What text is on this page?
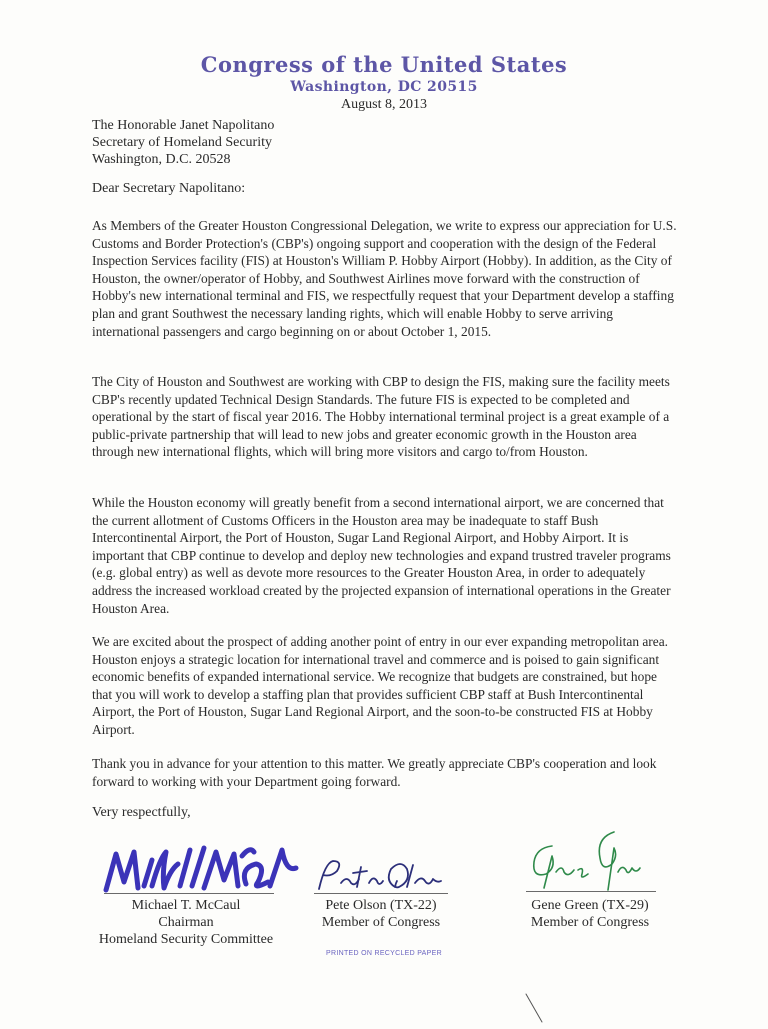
Congress of the United States
Washington, DC 20515
August 8, 2013
The Honorable Janet Napolitano
Secretary of Homeland Security
Washington, D.C. 20528
Dear Secretary Napolitano:

As Members of the Greater Houston Congressional Delegation, we write to express our appreciation for U.S. Customs and Border Protection's (CBP's) ongoing support and cooperation with the design of the Federal Inspection Services facility (FIS) at Houston's William P. Hobby Airport (Hobby). In addition, as the City of Houston, the owner/operator of Hobby, and Southwest Airlines move forward with the construction of Hobby's new international terminal and FIS, we respectfully request that your Department develop a staffing plan and grant Southwest the necessary landing rights, which will enable Hobby to serve arriving international passengers and cargo beginning on or about October 1, 2015.

The City of Houston and Southwest are working with CBP to design the FIS, making sure the facility meets CBP's recently updated Technical Design Standards. The future FIS is expected to be completed and operational by the start of fiscal year 2016. The Hobby international terminal project is a great example of a public-private partnership that will lead to new jobs and greater economic growth in the Houston area through new international flights, which will bring more visitors and cargo to/from Houston.

While the Houston economy will greatly benefit from a second international airport, we are concerned that the current allotment of Customs Officers in the Houston area may be inadequate to staff Bush Intercontinental Airport, the Port of Houston, Sugar Land Regional Airport, and Hobby Airport. It is important that CBP continue to develop and deploy new technologies and expand trustred traveler programs (e.g. global entry) as well as devote more resources to the Greater Houston Area, in order to adequately address the increased workload created by the projected expansion of international operations in the Greater Houston Area.

We are excited about the prospect of adding another point of entry in our ever expanding metropolitan area. Houston enjoys a strategic location for international travel and commerce and is poised to gain significant economic benefits of expanded international service. We recognize that budgets are constrained, but hope that you will work to develop a staffing plan that provides sufficient CBP staff at Bush Intercontinental Airport, the Port of Houston, Sugar Land Regional Airport, and the soon-to-be constructed FIS at Hobby Airport.

Thank you in advance for your attention to this matter. We greatly appreciate CBP's cooperation and look forward to working with your Department going forward.

Very respectfully,
Michael T. McCaul
Chairman
Homeland Security Committee
Pete Olson (TX-22)
Member of Congress
Gene Green (TX-29)
Member of Congress
PRINTED ON RECYCLED PAPER
